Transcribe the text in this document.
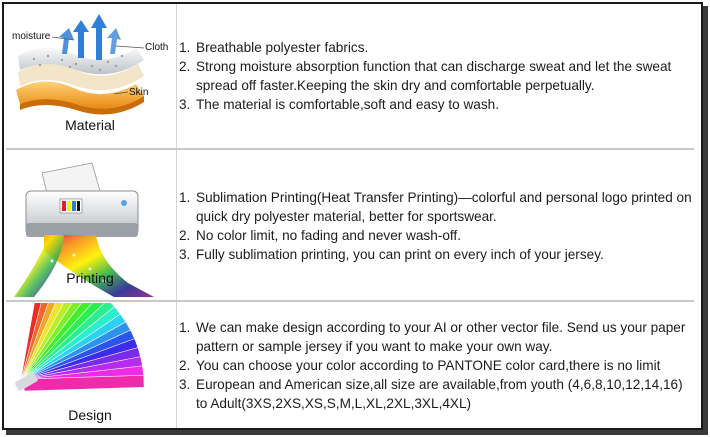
moisture
Cloth
Skin
Material
1. Breathable polyester fabrics.
2. Strong moisture absorption function that can discharge sweat and let the sweat spread off faster.Keeping the skin dry and comfortable perpetually.
3. The material is comfortable,soft and easy to wash.
Printing
1. Sublimation Printing(Heat Transfer Printing)—colorful and personal logo printed on quick dry polyester material, better for sportswear.
2. No color limit, no fading and never wash-off.
3. Fully sublimation printing, you can print on every inch of your jersey.
Design
1. We can make design according to your AI or other vector file. Send us your paper pattern or sample jersey if you want to make your own way.
2. You can choose your color according to PANTONE color card,there is no limit
3. European and American size,all size are available,from youth (4,6,8,10,12,14,16) to Adult(3XS,2XS,XS,S,M,L,XL,2XL,3XL,4XL)
